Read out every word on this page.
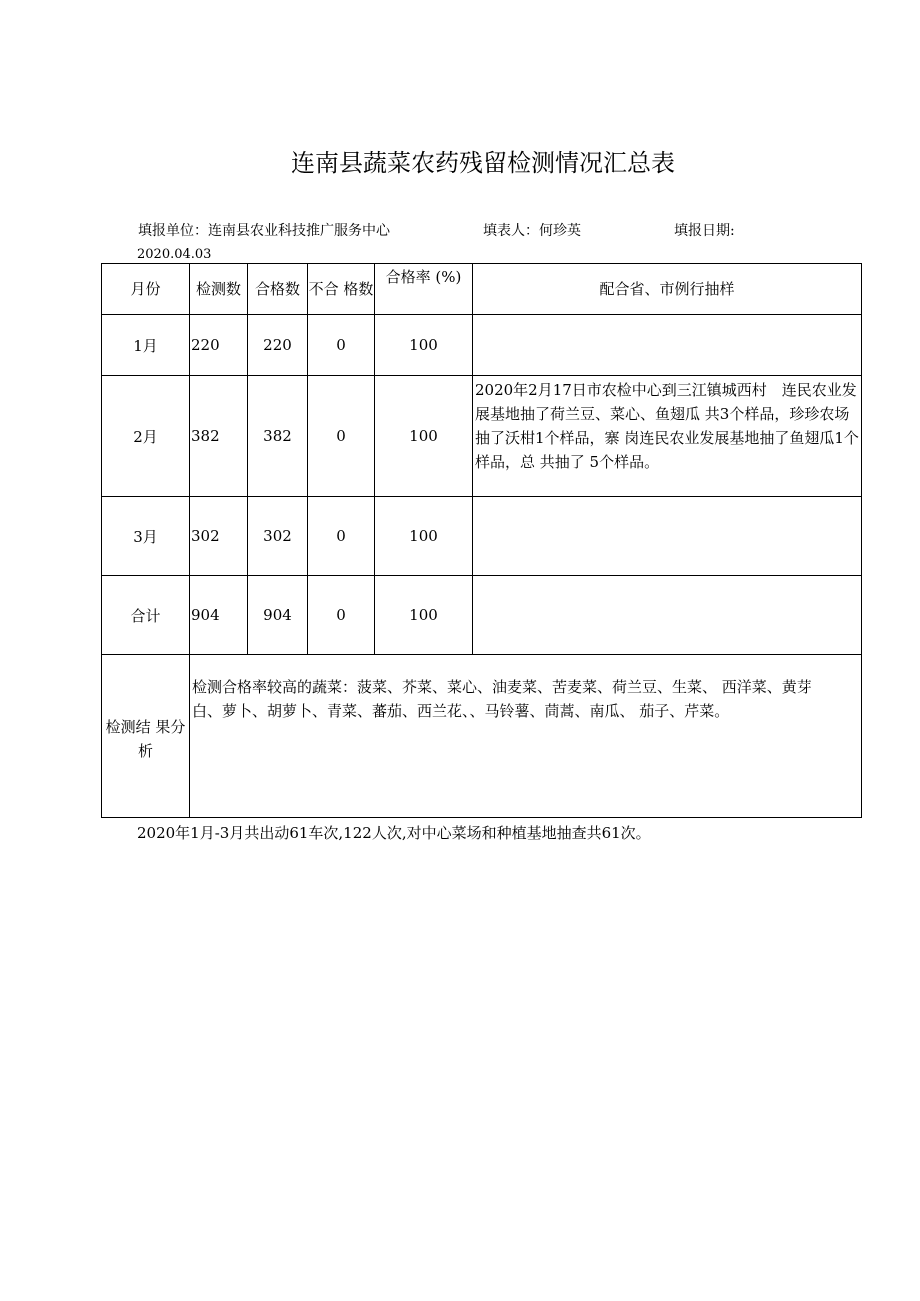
连南县蔬菜农药残留检测情况汇总表
填报单位：连南县农业科技推广服务中心	填表人：何珍英	填报日期:
2020.04.03
月份	检测数	合格数	不合 格数	合格率 (%)	配合省、市例行抽样
1月	220	220	0	100	
2月	382	382	0	100	2020年2月17日市农检中心到三江镇城西村　连民农业发展基地抽了荷兰豆、菜心、鱼翅瓜 共3个样品，珍珍农场抽了沃柑1个样品，寨 岗连民农业发展基地抽了鱼翅瓜1个样品，总 共抽了 5个样品。
3月	302	302	0	100	
合计	904	904	0	100	
检测结 果分析	检测合格率较高的蔬菜：菠菜、芥菜、菜心、油麦菜、苦麦菜、荷兰豆、生菜、 西洋菜、黄芽白、萝卜、胡萝卜、青菜、蕃茄、西兰花、、马铃薯、茼蒿、南瓜、 茄子、芹菜。				
2020年1月-3月共出动61车次,122人次,对中心菜场和种植基地抽查共61次。
